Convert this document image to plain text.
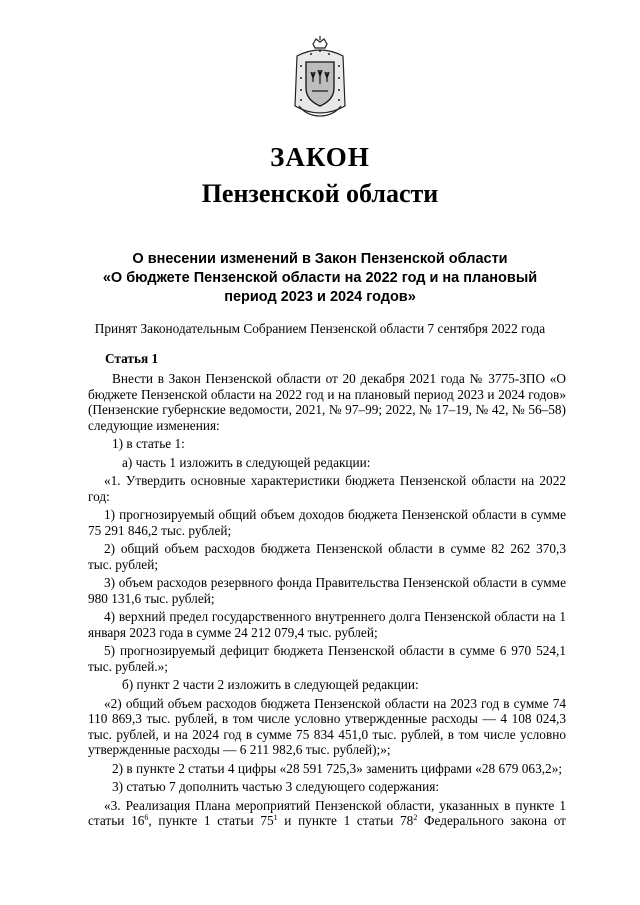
ЗАКОН
Пензенской области
О внесении изменений в Закон Пензенской области
«О бюджете Пензенской области на 2022 год и на плановый
период 2023 и 2024 годов»
Принят Законодательным Собранием Пензенской области 7 сентября 2022 года
Статья 1

Внести в Закон Пензенской области от 20 декабря 2021 года № 3775-ЗПО «О бюджете Пензенской области на 2022 год и на плановый период 2023 и 2024 годов» (Пензенские губернские ведомости, 2021, № 97–99; 2022, № 17–19, № 42, № 56–58) следующие изменения:

1) в статье 1:

а) часть 1 изложить в следующей редакции:

«1. Утвердить основные характеристики бюджета Пензенской области на 2022 год:

1) прогнозируемый общий объем доходов бюджета Пензенской области в сумме 75 291 846,2 тыс. рублей;

2) общий объем расходов бюджета Пензенской области в сумме 82 262 370,3 тыс. рублей;

3) объем расходов резервного фонда Правительства Пензенской области в сумме 980 131,6 тыс. рублей;

4) верхний предел государственного внутреннего долга Пензенской области на 1 января 2023 года в сумме 24 212 079,4 тыс. рублей;

5) прогнозируемый дефицит бюджета Пензенской области в сумме 6 970 524,1 тыс. рублей.»;

б) пункт 2 части 2 изложить в следующей редакции:

«2) общий объем расходов бюджета Пензенской области на 2023 год в сумме 74 110 869,3 тыс. рублей, в том числе условно утвержденные расходы — 4 108 024,3 тыс. рублей, и на 2024 год в сумме 75 834 451,0 тыс. рублей, в том числе условно утвержденные расходы — 6 211 982,6 тыс. рублей);»;

2) в пункте 2 статьи 4 цифры «28 591 725,3» заменить цифрами «28 679 063,2»;

3) статью 7 дополнить частью 3 следующего содержания:

«3. Реализация Плана мероприятий Пензенской области, указанных в пункте 1 статьи $16^6$, пункте 1 статьи $75^1$ и пункте 1 статьи $78^2$ Федерального закона от
